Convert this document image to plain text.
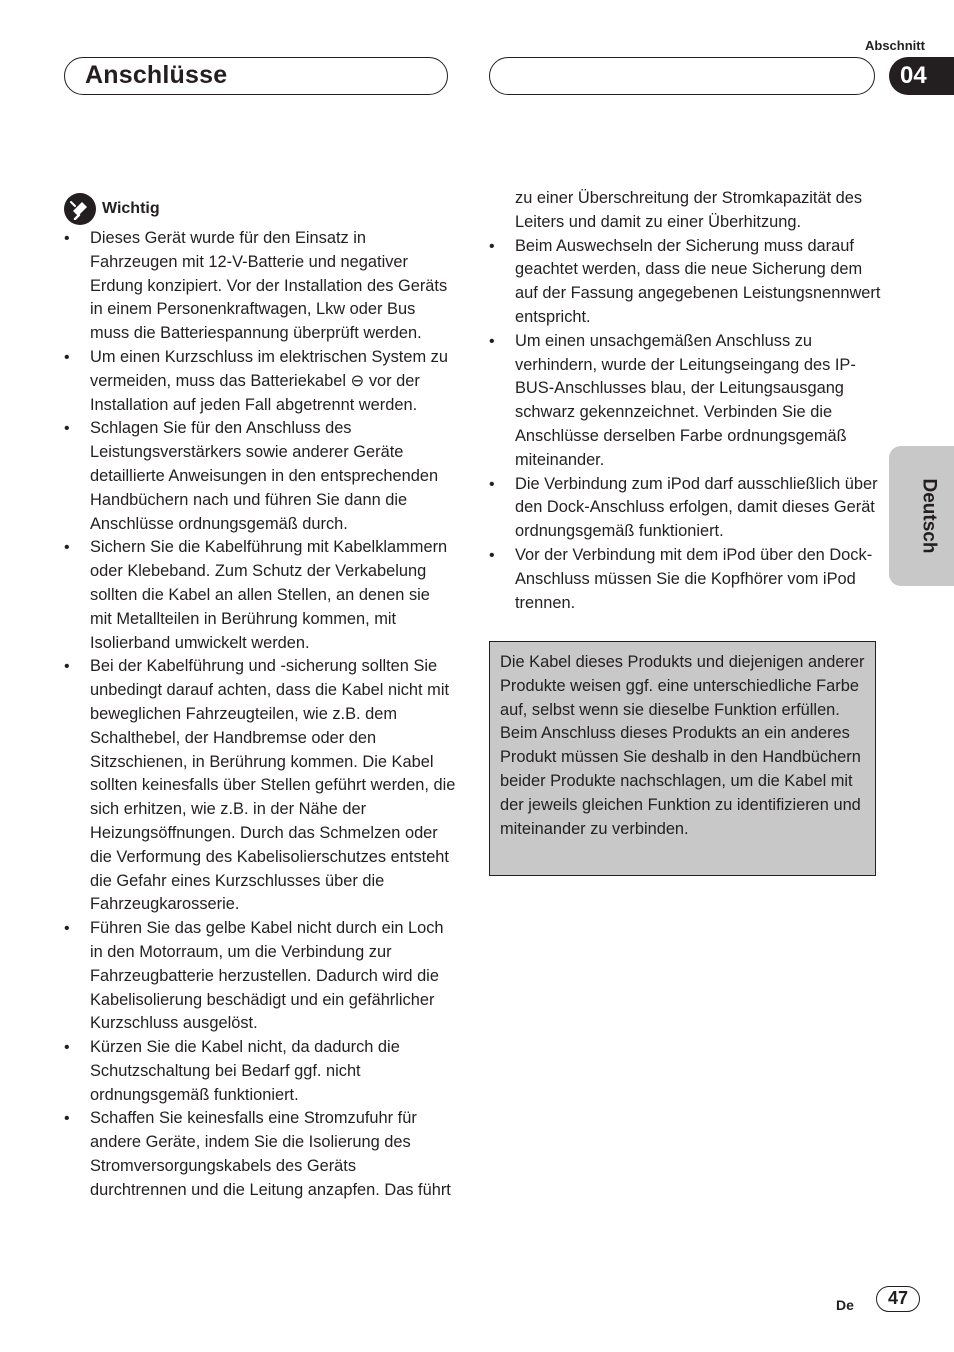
Anschlüsse
Abschnitt
04
Deutsch
Wichtig
• Dieses Gerät wurde für den Einsatz in Fahrzeugen mit 12-V-Batterie und negativer Erdung konzipiert. Vor der Installation des Geräts in einem Personenkraftwagen, Lkw oder Bus muss die Batteriespannung überprüft werden.
• Um einen Kurzschluss im elektrischen System zu vermeiden, muss das Batteriekabel ⊖ vor der Installation auf jeden Fall abgetrennt werden.
• Schlagen Sie für den Anschluss des Leistungsverstärkers sowie anderer Geräte detaillierte Anweisungen in den entsprechenden Handbüchern nach und führen Sie dann die Anschlüsse ordnungsgemäß durch.
• Sichern Sie die Kabelführung mit Kabelklammern oder Klebeband. Zum Schutz der Verkabelung sollten die Kabel an allen Stellen, an denen sie mit Metallteilen in Berührung kommen, mit Isolierband umwickelt werden.
• Bei der Kabelführung und -sicherung sollten Sie unbedingt darauf achten, dass die Kabel nicht mit beweglichen Fahrzeugteilen, wie z.B. dem Schalthebel, der Handbremse oder den Sitzschienen, in Berührung kommen. Die Kabel sollten keinesfalls über Stellen geführt werden, die sich erhitzen, wie z.B. in der Nähe der Heizungsöffnungen. Durch das Schmelzen oder die Verformung des Kabelisolierschutzes entsteht die Gefahr eines Kurzschlusses über die Fahrzeugkarosserie.
• Führen Sie das gelbe Kabel nicht durch ein Loch in den Motorraum, um die Verbindung zur Fahrzeugbatterie herzustellen. Dadurch wird die Kabelisolierung beschädigt und ein gefährlicher Kurzschluss ausgelöst.
• Kürzen Sie die Kabel nicht, da dadurch die Schutzschaltung bei Bedarf ggf. nicht ordnungsgemäß funktioniert.
• Schaffen Sie keinesfalls eine Stromzufuhr für andere Geräte, indem Sie die Isolierung des Stromversorgungskabels des Geräts durchtrennen und die Leitung anzapfen. Das führt
zu einer Überschreitung der Stromkapazität des Leiters und damit zu einer Überhitzung.
• Beim Auswechseln der Sicherung muss darauf geachtet werden, dass die neue Sicherung dem auf der Fassung angegebenen Leistungsnennwert entspricht.
• Um einen unsachgemäßen Anschluss zu verhindern, wurde der Leitungseingang des IP-BUS-Anschlusses blau, der Leitungsausgang schwarz gekennzeichnet. Verbinden Sie die Anschlüsse derselben Farbe ordnungsgemäß miteinander.
• Die Verbindung zum iPod darf ausschließlich über den Dock-Anschluss erfolgen, damit dieses Gerät ordnungsgemäß funktioniert.
• Vor der Verbindung mit dem iPod über den Dock-Anschluss müssen Sie die Kopfhörer vom iPod trennen.
Die Kabel dieses Produkts und diejenigen anderer Produkte weisen ggf. eine unterschiedliche Farbe auf, selbst wenn sie dieselbe Funktion erfüllen. Beim Anschluss dieses Produkts an ein anderes Produkt müssen Sie deshalb in den Handbüchern beider Produkte nachschlagen, um die Kabel mit der jeweils gleichen Funktion zu identifizieren und miteinander zu verbinden.
De	47
